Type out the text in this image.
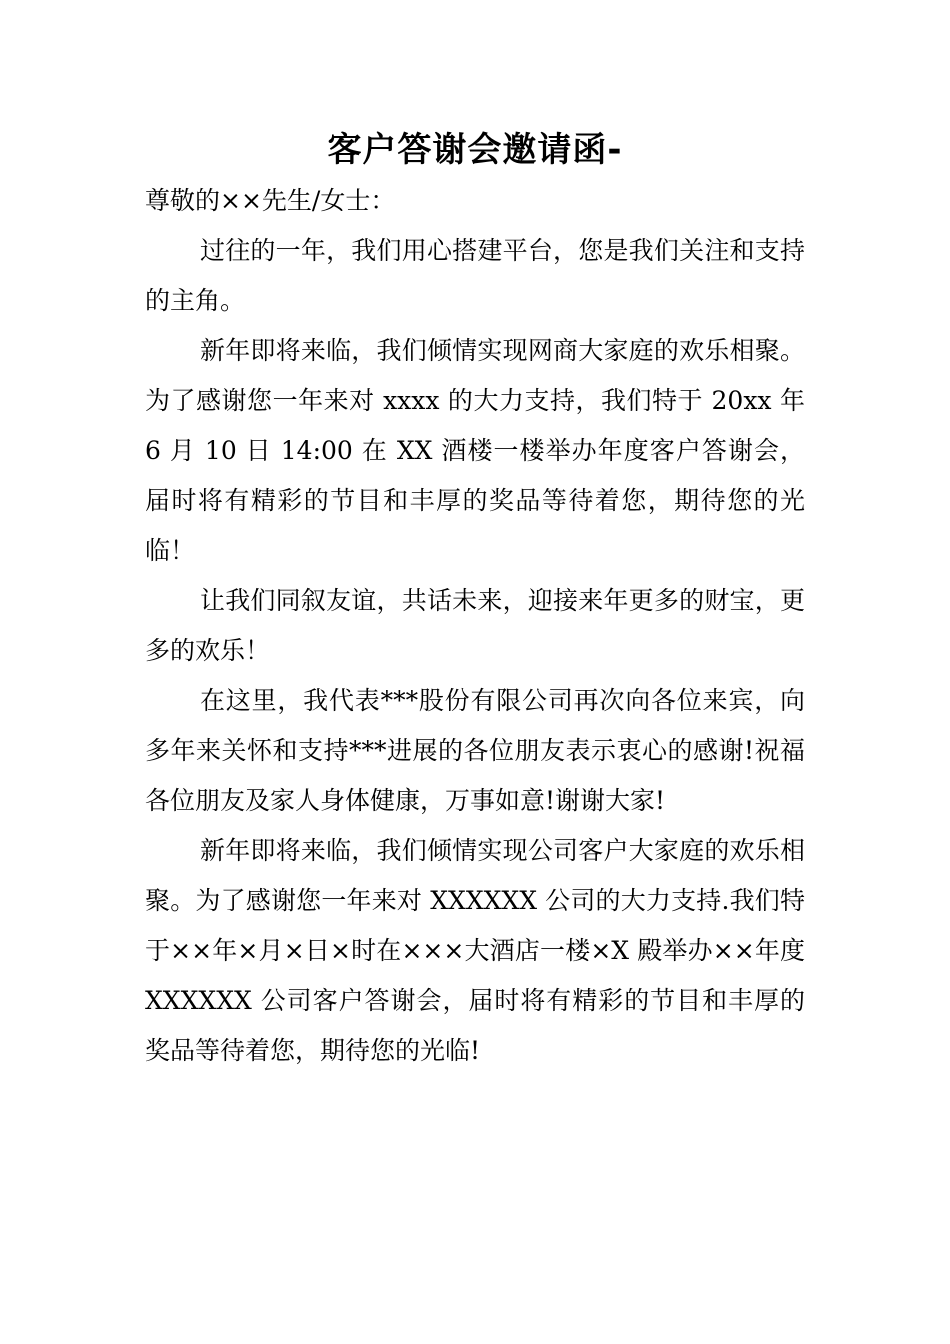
客户答谢会邀请函-

尊敬的××先生/女士：

过往的一年，我们用心搭建平台，您是我们关注和支持的主角。

新年即将来临，我们倾情实现网商大家庭的欢乐相聚。为了感谢您一年来对 xxxx 的大力支持，我们特于 20xx 年 6 月 10 日 14:00 在 XX 酒楼一楼举办年度客户答谢会，届时将有精彩的节目和丰厚的奖品等待着您，期待您的光临！

让我们同叙友谊，共话未来，迎接来年更多的财宝，更多的欢乐！

在这里，我代表***股份有限公司再次向各位来宾，向多年来关怀和支持***进展的各位朋友表示衷心的感谢!祝福各位朋友及家人身体健康，万事如意!谢谢大家!

新年即将来临，我们倾情实现公司客户大家庭的欢乐相聚。为了感谢您一年来对 XXXXXX 公司的大力支持.我们特于××年×月×日×时在×××大酒店一楼×X 殿举办××年度 XXXXXX 公司客户答谢会，届时将有精彩的节目和丰厚的奖品等待着您，期待您的光临!
